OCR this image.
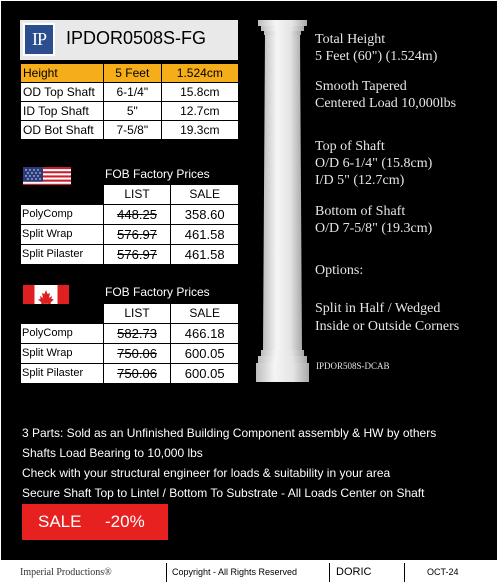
IP	IPDOR0508S-FG
Height	5 Feet	1.524cm
OD Top Shaft	6-1/4"	15.8cm
ID Top Shaft	5"	12.7cm
OD Bot Shaft	7-5/8"	19.3cm
FOB Factory Prices
	LIST	SALE
PolyComp	448.25	358.60
Split Wrap	576.97	461.58
Split Pilaster	576.97	461.58
FOB Factory Prices
	LIST	SALE
PolyComp	582.73	466.18
Split Wrap	750.06	600.05
Split Pilaster	750.06	600.05
Total Height
5 Feet (60") (1.524m)
Smooth Tapered
Centered Load 10,000lbs
Top of Shaft
O/D 6-1/4" (15.8cm)
I/D 5" (12.7cm)
Bottom of Shaft
O/D 7-5/8" (19.3cm)
Options:
Split in Half / Wedged
Inside or Outside Corners
IPDOR508S-DCAB
3 Parts: Sold as an Unfinished Building Component assembly & HW by others
Shafts Load Bearing to 10,000 lbs
Check with your structural engineer for loads & suitability in your area
Secure Shaft Top to Lintel / Bottom To Substrate - All Loads Center on Shaft
SALE -20%
Imperial Productions®	Copyright - All Rights Reserved	DORIC	OCT-24
